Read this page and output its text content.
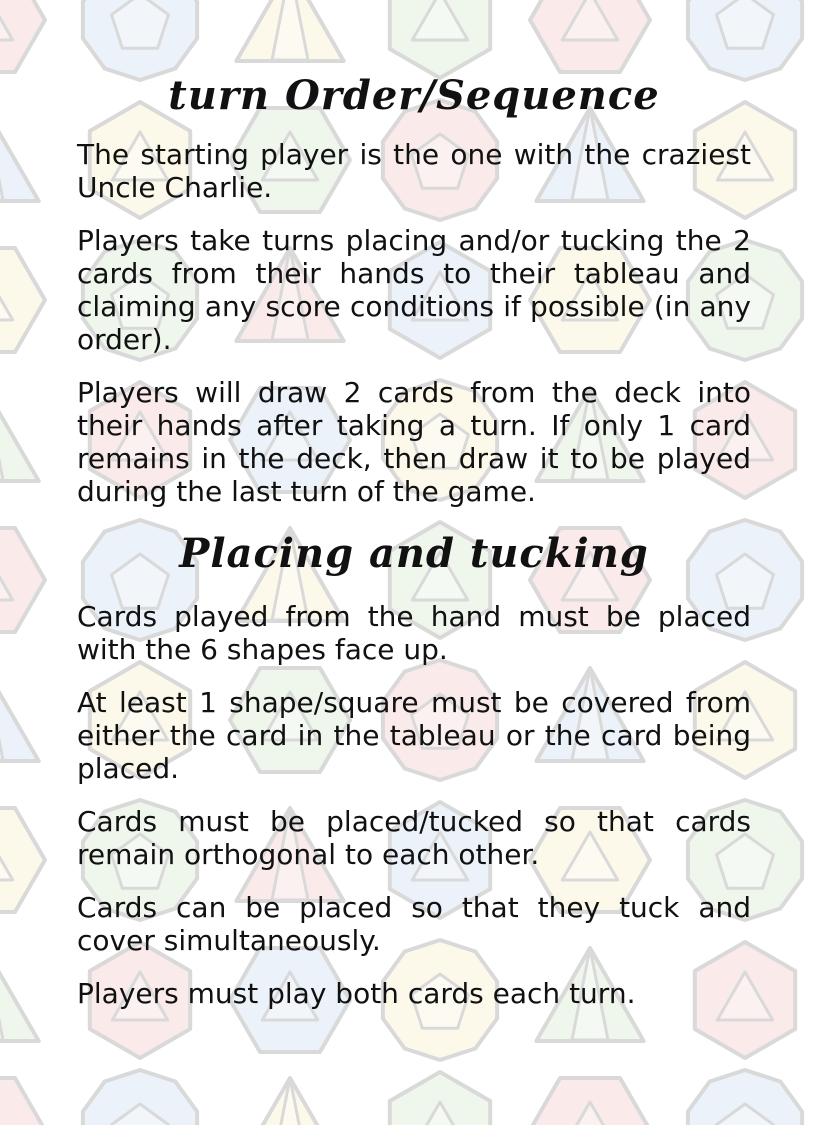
turn Order/Sequence

The starting player is the one with the craziest Uncle Charlie.

Players take turns placing and/or tucking the 2 cards from their hands to their tableau and claiming any score conditions if possible (in any order).

Players will draw 2 cards from the deck into their hands after taking a turn. If only 1 card remains in the deck, then draw it to be played during the last turn of the game.

Placing and tucking

Cards played from the hand must be placed with the 6 shapes face up.

At least 1 shape/square must be covered from either the card in the tableau or the card being placed.

Cards must be placed/tucked so that cards remain orthogonal to each other.

Cards can be placed so that they tuck and cover simultaneously.

Players must play both cards each turn.
